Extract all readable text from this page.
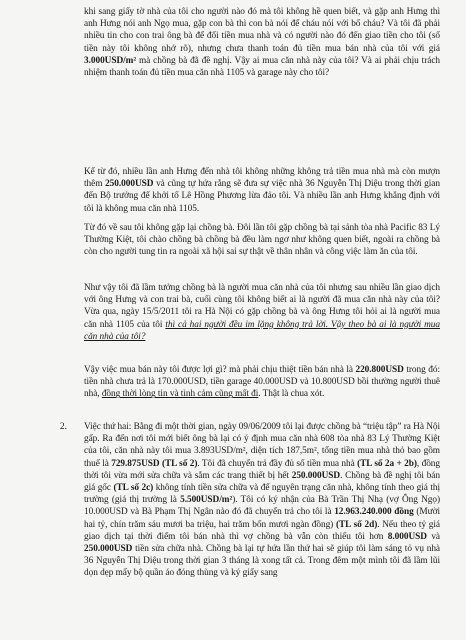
khi sang giấy tờ nhà của tôi cho người nào đó mà tôi không hề quen biết, và gặp anh Hưng thì anh Hưng nói anh Ngọ mua, gặp con bà thì con bà nói để cháu nói với bố cháu? Và tôi đã phải nhiều tin cho con trai ông bà để đổi tiền mua nhà và có người nào đó đến giao tiền cho tôi (số tiền này tôi không nhớ rõ), nhưng chưa thanh toán đủ tiền mua bán nhà của tôi với giá 3.000USD/m² mà chồng bà đã đề nghị. Vậy ai mua căn nhà này của tôi? Và ai phải chịu trách nhiệm thanh toán đủ tiền mua căn nhà 1105 và garage này cho tôi?
Kể từ đó, nhiều lần anh Hưng đến nhà tôi không những không trả tiền mua nhà mà còn mượn thêm 250.000USD và cũng tự hứa rằng sẽ đưa sự việc nhà 36 Nguyễn Thị Diệu trong thời gian đến Bộ trưởng để khởi tố Lê Hồng Phương lừa đảo tôi. Và nhiều lần anh Hưng khẳng định với tôi là không mua căn nhà 1105.
Từ đó về sau tôi không gặp lại chồng bà. Đôi lần tôi gặp chồng bà tại sảnh tòa nhà Pacific 83 Lý Thường Kiệt, tôi chào chồng bà chồng bà đều làm ngơ như không quen biết, ngoài ra chồng bà còn cho người tung tin ra ngoài xã hội sai sự thật về thân nhân và công việc làm ăn của tôi.
Như vậy tôi đã lầm tưởng chồng bà là người mua căn nhà của tôi nhưng sau nhiều lần giao dịch với ông Hưng và con trai bà, cuối cùng tôi không biết ai là người đã mua căn nhà này của tôi? Vừa qua, ngày 15/5/2011 tôi ra Hà Nội có gặp chồng bà và ông Hưng tôi hỏi ai là người mua căn nhà 1105 của tôi thì cả hai người đều im lặng không trả lời. Vậy theo bà ai là người mua căn nhà của tôi?
Vậy việc mua bán này tôi được lợi gì? mà phải chịu thiệt tiền bán nhà là 220.800USD trong đó: tiền nhà chưa trả là 170.000USD, tiền garage 40.000USD và 10.800USD bồi thường người thuê nhà, đồng thời lòng tin và tình cảm cũng mất đi. Thật là chua xót.
2. Việc thứ hai: Bằng đi một thời gian, ngày 09/06/2009 tôi lại được chồng bà “triệu tập” ra Hà Nội gấp. Ra đến nơi tôi mới biết ông bà lại có ý định mua căn nhà 608 tòa nhà 83 Lý Thường Kiệt của tôi, căn nhà này tôi mua 3.893USD/m², diện tích 187,5m², tổng tiền mua nhà thỏ bao gồm thuế là 729.875USD (TL số 2). Tôi đã chuyển trả đầy đủ số tiền mua nhà (TL số 2a + 2b), đồng thời tôi vừa mới sửa chữa và sắm các trang thiết bị hết 250.000USD. Chồng bà đề nghị tôi bán giá gốc (TL số 2c) không tính tiền sửa chữa và để nguyên trạng căn nhà, không tính theo giá thị trường (giá thị trường là 5.500USD/m²). Tôi có ký nhận của Bà Trần Thị Nhạ (vợ Ông Ngọ) 10.000USD và Bà Phạm Thị Ngân nào đó đã chuyển trả cho tôi là 12.963.240.000 đồng (Mười hai tỷ, chín trăm sáu mươi ba triệu, hai trăm bốn mươi ngàn đồng) (TL số 2d). Nếu theo tỷ giá giao dịch tại thời điểm tôi bán nhà thì vợ chồng bà vẫn còn thiếu tôi hơn 8.000USD và 250.000USD tiền sửa chữa nhà. Chồng bà lại tự hứa lần thứ hai sẽ giúp tôi làm sáng tỏ vụ nhà 36 Nguyễn Thị Diệu trong thời gian 3 tháng là xong tất cả. Trong đêm một mình tôi đã lầm lũi dọn dẹp mấy bộ quần áo đóng thùng và ký giấy sang
